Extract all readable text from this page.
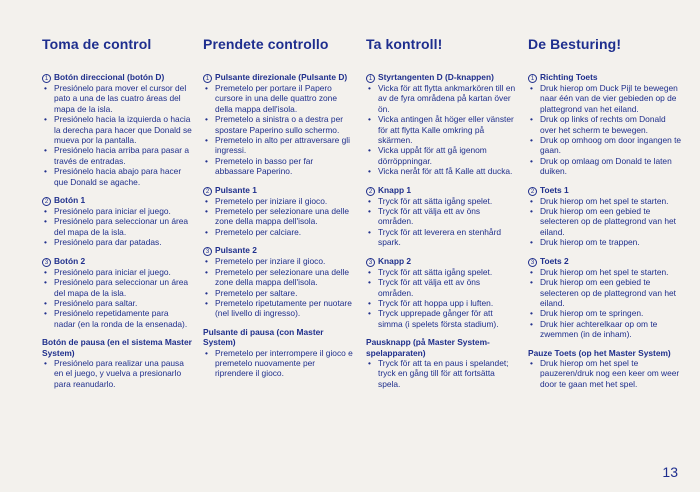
Toma de control
1 Botón direccional (botón D)
• Presiónelo para mover el cursor del pato a una de las cuatro áreas del mapa de la isla.
• Presiónelo hacia la izquierda o hacia la derecha para hacer que Donald se mueva por la pantalla.
• Presiónelo hacia arriba para pasar a través de entradas.
• Presiónelo hacia abajo para hacer que Donald se agache.
2 Botón 1
• Presiónelo para iniciar el juego.
• Presiónelo para seleccionar un área del mapa de la isla.
• Presiónelo para dar patadas.
3 Botón 2
• Presiónelo para iniciar el juego.
• Presiónelo para seleccionar un área del mapa de la isla.
• Presiónelo para saltar.
• Presiónelo repetidamente para nadar (en la ronda de la ensenada).
Botón de pausa (en el sistema Master System)
• Presiónelo para realizar una pausa en el juego, y vuelva a presionarlo para reanudarlo.
Prendete controllo
1 Pulsante direzionale (Pulsante D)
• Premetelo per portare il Papero cursore in una delle quattro zone della mappa dell'isola.
• Premetelo a sinistra o a destra per spostare Paperino sullo schermo.
• Premetelo in alto per attraversare gli ingressi.
• Premetelo in basso per far abbassare Paperino.
2 Pulsante 1
• Premetelo per iniziare il gioco.
• Premetelo per selezionare una delle zone della mappa dell'isola.
• Premetelo per calciare.
3 Pulsante 2
• Premetelo per inziare il gioco.
• Premetelo per selezionare una delle zone della mappa dell'isola.
• Premetelo per saltare.
• Premetelo ripetutamente per nuotare (nel livello di ingresso).
Pulsante di pausa (con Master System)
• Premetelo per interrompere il gioco e premetelo nuovamente per riprendere il gioco.
Ta kontroll!
1 Styrtangenten D (D-knappen)
• Vicka för att flytta ankmarkören till en av de fyra områdena på kartan över ön.
• Vicka antingen åt höger eller vänster för att flytta Kalle omkring på skärmen.
• Vicka uppåt för att gå igenom dörröppningar.
• Vicka neråt för att få Kalle att ducka.
2 Knapp 1
• Tryck för att sätta igång spelet.
• Tryck för att välja ett av öns områden.
• Tryck för att leverera en stenhård spark.
3 Knapp 2
• Tryck för att sätta igång spelet.
• Tryck för att välja ett av öns områden.
• Tryck för att hoppa upp i luften.
• Tryck upprepade gånger för att simma (i spelets första stadium).
Pausknapp (på Master System-spelapparaten)
• Tryck för att ta en paus i spelandet; tryck en gång till för att fortsätta spela.
De Besturing!
1 Richting Toets
• Druk hierop om Duck Pijl te bewegen naar één van de vier gebieden op de plattegrond van het eiland.
• Druk op links of rechts om Donald over het scherm te bewegen.
• Druk op omhoog om door ingangen te gaan.
• Druk op omlaag om Donald te laten duiken.
2 Toets 1
• Druk hierop om het spel te starten.
• Druk hierop om een gebied te selecteren op de plattegrond van het eiland.
• Druk hierop om te trappen.
3 Toets 2
• Druk hierop om het spel te starten.
• Druk hierop om een gebied te selecteren op de plattegrond van het eiland.
• Druk hierop om te springen.
• Druk hier achterelkaar op om te zwemmen (in de inham).
Pauze Toets (op het Master System)
• Druk hierop om het spel te pauzeren/druk nog een keer om weer door te gaan met het spel.
13
